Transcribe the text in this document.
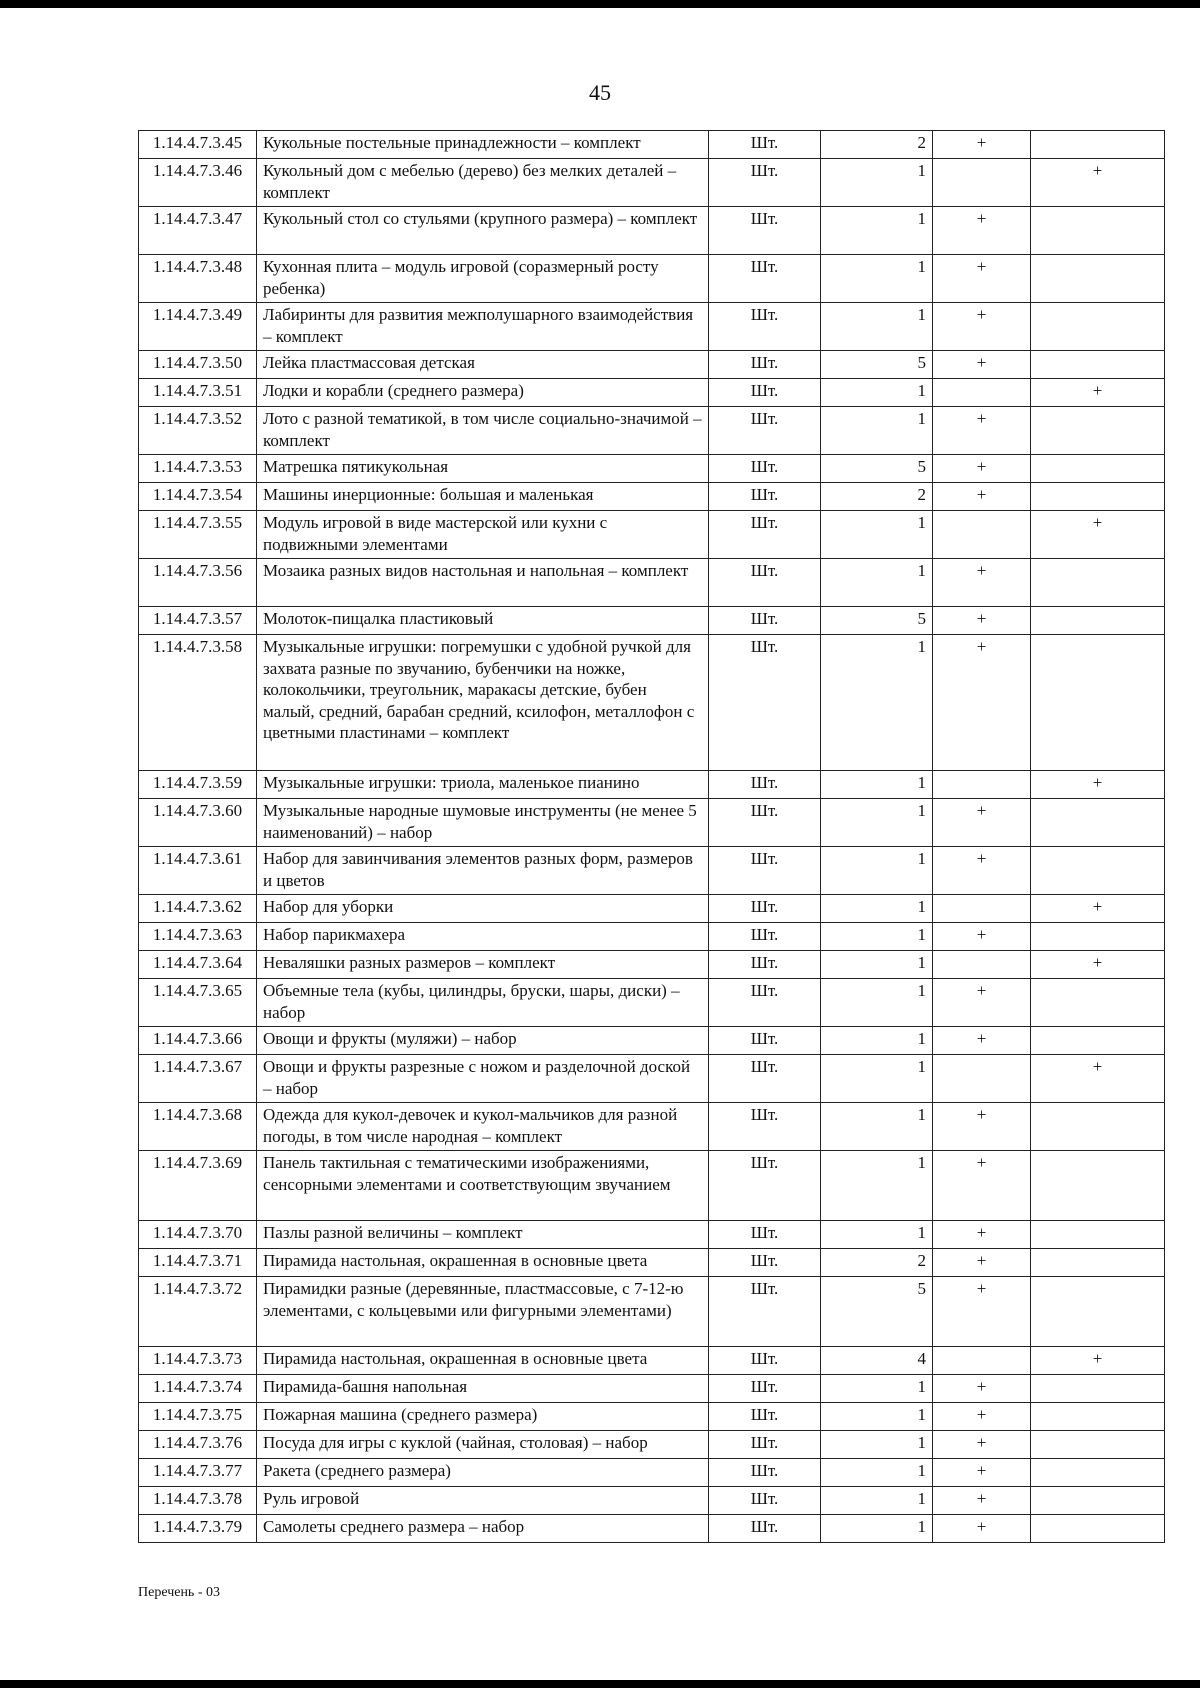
45
1.14.4.7.3.45	Кукольные постельные принадлежности – комплект	Шт.	2	+	
1.14.4.7.3.46	Кукольный дом с мебелью (дерево) без мелких деталей – комплект	Шт.	1		+
1.14.4.7.3.47	Кукольный стол со стульями (крупного размера) – комплект	Шт.	1	+	
1.14.4.7.3.48	Кухонная плита – модуль игровой (соразмерный росту ребенка)	Шт.	1	+	
1.14.4.7.3.49	Лабиринты для развития межполушарного взаимодействия – комплект	Шт.	1	+	
1.14.4.7.3.50	Лейка пластмассовая детская	Шт.	5	+	
1.14.4.7.3.51	Лодки и корабли (среднего размера)	Шт.	1		+
1.14.4.7.3.52	Лото с разной тематикой, в том числе социально-значимой – комплект	Шт.	1	+	
1.14.4.7.3.53	Матрешка пятикукольная	Шт.	5	+	
1.14.4.7.3.54	Машины инерционные: большая и маленькая	Шт.	2	+	
1.14.4.7.3.55	Модуль игровой в виде мастерской или кухни с подвижными элементами	Шт.	1		+
1.14.4.7.3.56	Мозаика разных видов настольная и напольная – комплект	Шт.	1	+	
1.14.4.7.3.57	Молоток-пищалка пластиковый	Шт.	5	+	
1.14.4.7.3.58	Музыкальные игрушки: погремушки с удобной ручкой для захвата разные по звучанию, бубенчики на ножке, колокольчики, треугольник, маракасы детские, бубен малый, средний, барабан средний, ксилофон, металлофон с цветными пластинами – комплект	Шт.	1	+	
1.14.4.7.3.59	Музыкальные игрушки: триола, маленькое пианино	Шт.	1		+
1.14.4.7.3.60	Музыкальные народные шумовые инструменты (не менее 5 наименований) – набор	Шт.	1	+	
1.14.4.7.3.61	Набор для завинчивания элементов разных форм, размеров и цветов	Шт.	1	+	
1.14.4.7.3.62	Набор для уборки	Шт.	1		+
1.14.4.7.3.63	Набор парикмахера	Шт.	1	+	
1.14.4.7.3.64	Неваляшки разных размеров – комплект	Шт.	1		+
1.14.4.7.3.65	Объемные тела (кубы, цилиндры, бруски, шары, диски) – набор	Шт.	1	+	
1.14.4.7.3.66	Овощи и фрукты (муляжи) – набор	Шт.	1	+	
1.14.4.7.3.67	Овощи и фрукты разрезные с ножом и разделочной доской – набор	Шт.	1		+
1.14.4.7.3.68	Одежда для кукол-девочек и кукол-мальчиков для разной погоды, в том числе народная – комплект	Шт.	1	+	
1.14.4.7.3.69	Панель тактильная с тематическими изображениями, сенсорными элементами и соответствующим звучанием	Шт.	1	+	
1.14.4.7.3.70	Пазлы разной величины – комплект	Шт.	1	+	
1.14.4.7.3.71	Пирамида настольная, окрашенная в основные цвета	Шт.	2	+	
1.14.4.7.3.72	Пирамидки разные (деревянные, пластмассовые, с 7-12-ю элементами, с кольцевыми или фигурными элементами)	Шт.	5	+	
1.14.4.7.3.73	Пирамида настольная, окрашенная в основные цвета	Шт.	4		+
1.14.4.7.3.74	Пирамида-башня напольная	Шт.	1	+	
1.14.4.7.3.75	Пожарная машина (среднего размера)	Шт.	1	+	
1.14.4.7.3.76	Посуда для игры с куклой (чайная, столовая) – набор	Шт.	1	+	
1.14.4.7.3.77	Ракета (среднего размера)	Шт.	1	+	
1.14.4.7.3.78	Руль игровой	Шт.	1	+	
1.14.4.7.3.79	Самолеты среднего размера – набор	Шт.	1	+	
Перечень - 03
